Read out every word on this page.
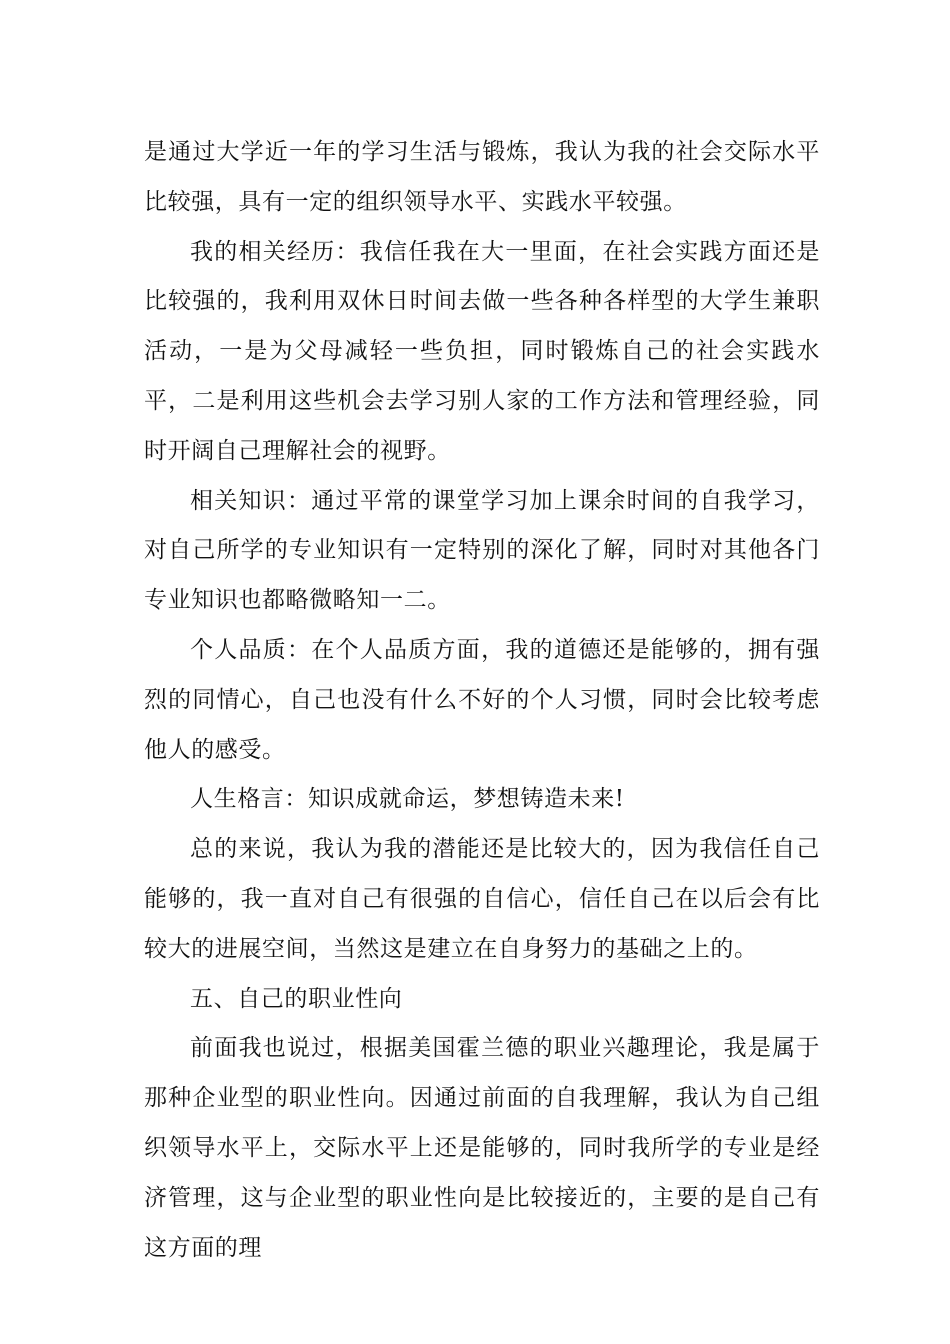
是通过大学近一年的学习生活与锻炼，我认为我的社会交际水平比较强，具有一定的组织领导水平、实践水平较强。

我的相关经历：我信任我在大一里面，在社会实践方面还是比较强的，我利用双休日时间去做一些各种各样型的大学生兼职活动，一是为父母减轻一些负担，同时锻炼自己的社会实践水平，二是利用这些机会去学习别人家的工作方法和管理经验，同时开阔自己理解社会的视野。

相关知识：通过平常的课堂学习加上课余时间的自我学习，对自己所学的专业知识有一定特别的深化了解，同时对其他各门专业知识也都略微略知一二。

个人品质：在个人品质方面，我的道德还是能够的，拥有强烈的同情心，自己也没有什么不好的个人习惯，同时会比较考虑他人的感受。

人生格言：知识成就命运，梦想铸造未来!

总的来说，我认为我的潜能还是比较大的，因为我信任自己能够的，我一直对自己有很强的自信心，信任自己在以后会有比较大的进展空间，当然这是建立在自身努力的基础之上的。

五、自己的职业性向

前面我也说过，根据美国霍兰德的职业兴趣理论，我是属于那种企业型的职业性向。因通过前面的自我理解，我认为自己组织领导水平上，交际水平上还是能够的，同时我所学的专业是经济管理，这与企业型的职业性向是比较接近的，主要的是自己有这方面的理
